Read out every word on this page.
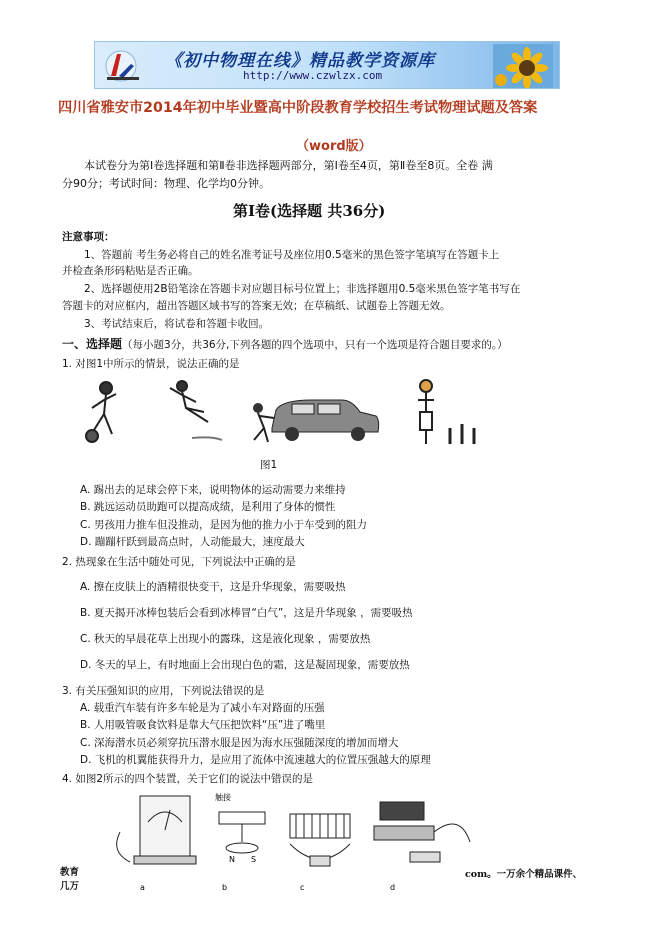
《初中物理在线》精品教学资源库
http://www.czwlzx.com
四川省雅安市2014年初中毕业暨高中阶段教育学校招生考试物理试题及答案
（word版）
本试卷分为第Ⅰ卷选择题和第Ⅱ卷非选择题两部分，第Ⅰ卷至4页，第Ⅱ卷至8页。全卷 满
分90分；考试时间：物理、化学均0分钟。
第Ⅰ卷(选择题 共36分)
注意事项：
1、答题前 考生务必将自己的姓名准考证号及座位用0.5毫米的黑色签字笔填写在答题卡上
并检查条形码粘贴是否正确。
2、选择题使用2B铅笔涂在答题卡对应题目标号位置上；非选择题用0.5毫米黑色签字笔书写在
答题卡的对应框内，超出答题区域书写的答案无效；在草稿纸、试题卷上答题无效。
3、考试结束后，将试卷和答题卡收回。
一、选择题（每小题3分，共36分,下列各题的四个选项中，只有一个选项是符合题目要求的。）
1. 对图1中所示的情景，说法正确的是
图1
A. 踢出去的足球会停下来，说明物体的运动需要力来维持
B. 跳远运动员助跑可以提高成绩，是利用了身体的惯性
C. 男孩用力推车但没推动，是因为他的推力小于车受到的阻力
D. 蹦蹦杆跃到最高点时，人动能最大，速度最大
2. 热现象在生活中随处可见，下列说法中正确的是
A. 擦在皮肤上的酒精很快变干，这是升华现象，需要吸热
B. 夏天揭开冰棒包装后会看到冰棒冒“白气”，这是升华现象 ，需要吸热
C. 秋天的早晨花草上出现小的露珠，这是液化现象 ，需要放热
D. 冬天的早上，有时地面上会出现白色的霜，这是凝固现象，需要放热
3. 有关压强知识的应用，下列说法错误的是
A. 载重汽车装有许多车轮是为了减小车对路面的压强
B. 人用吸管吸食饮料是靠大气压把饮料“压”进了嘴里
C. 深海潜水员必须穿抗压潜水服是因为海水压强随深度的增加而增大
D. 飞机的机翼能获得升力，是应用了流体中流速越大的位置压强越大的原理
4. 如图2所示的四个装置，关于它们的说法中错误的是
触接
N S
a	b	c	d
教育
几万
com。一万余个精品课件、
